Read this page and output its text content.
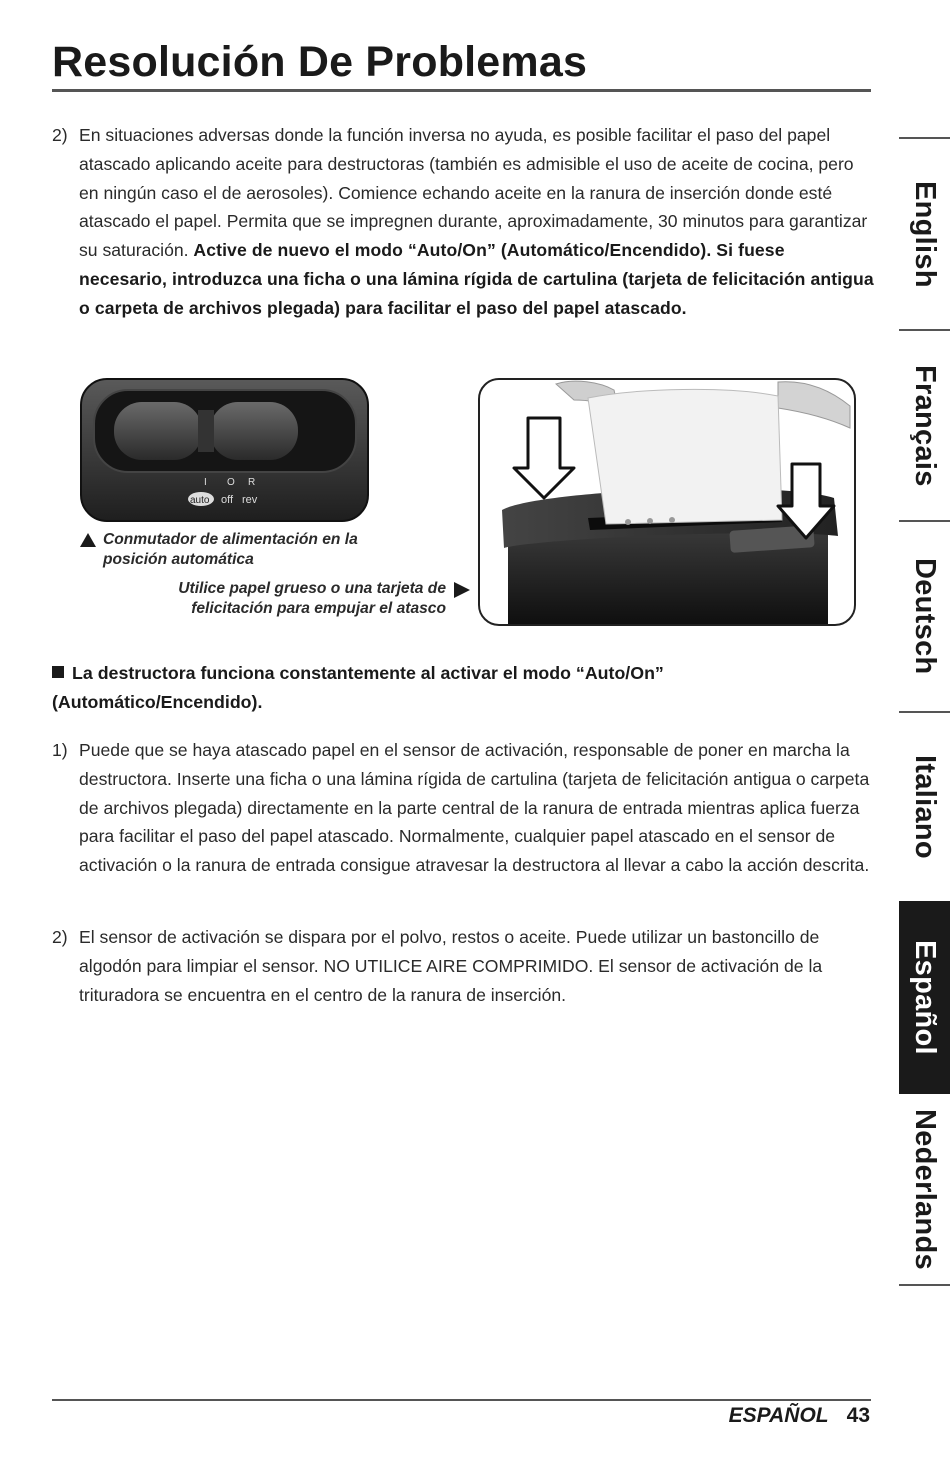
Resolución De Problemas
2) En situaciones adversas donde la función inversa no ayuda, es posible facilitar el paso del papel atascado aplicando aceite para destructoras (también es admisible el uso de aceite de cocina, pero en ningún caso el de aerosoles). Comience echando aceite en la ranura de inserción donde esté atascado el papel. Permita que se impregnen durante, aproximadamente, 30 minutos para garantizar su saturación. Active de nuevo el modo “Auto/On” (Automático/Encendido). Si fuese necesario, introduzca una ficha o una lámina rígida de cartulina (tarjeta de felicitación antigua o carpeta de archivos plegada) para facilitar el paso del papel atascado.
I O R
auto off rev
Conmutador de alimentación en la posición automática
Utilice papel grueso o una tarjeta de felicitación para empujar el atasco
La destructora funciona constantemente al activar el modo “Auto/On” (Automático/Encendido).
1) Puede que se haya atascado papel en el sensor de activación, responsable de poner en marcha la destructora. Inserte una ficha o una lámina rígida de cartulina (tarjeta de felicitación antigua o carpeta de archivos plegada) directamente en la parte central de la ranura de entrada mientras aplica fuerza para facilitar el paso del papel atascado. Normalmente, cualquier papel atascado en el sensor de activación o la ranura de entrada consigue atravesar la destructora al llevar a cabo la acción descrita.
2) El sensor de activación se dispara por el polvo, restos o aceite. Puede utilizar un bastoncillo de algodón para limpiar el sensor. NO UTILICE AIRE COMPRIMIDO. El sensor de activación de la trituradora se encuentra en el centro de la ranura de inserción.
English
Français
Deutsch
Italiano
Español
Nederlands
ESPAÑOL 43
